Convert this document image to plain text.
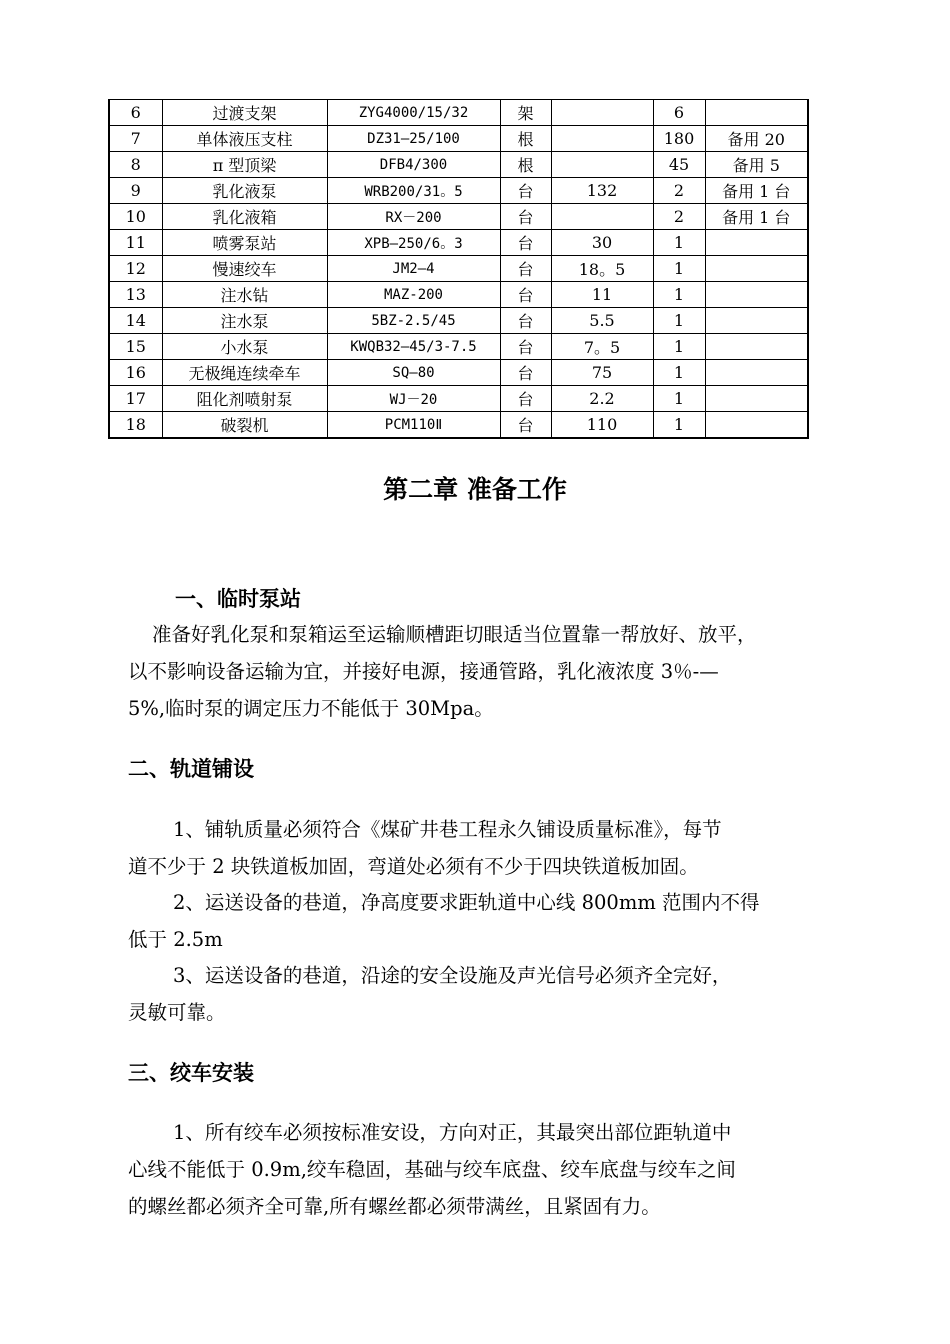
6	过渡支架	ZYG4000/15/32	架		6	
7	单体液压支柱	DZ31—25/100	根		180	备用 20
8	π 型顶梁	DFB4/300	根		45	备用 5
9	乳化液泵	WRB200/31。5	台	132	2	备用 1 台
10	乳化液箱	RX－200	台		2	备用 1 台
11	喷雾泵站	XPB—250/6。3	台	30	1	
12	慢速绞车	JM2—4	台	18。5	1	
13	注水钻	MAZ-200	台	11	1	
14	注水泵	5BZ-2.5/45	台	5.5	1	
15	小水泵	KWQB32—45/3-7.5	台	7。5	1	
16	无极绳连续牵车	SQ—80	台	75	1	
17	阻化剂喷射泵	WJ－20	台	2.2	1	
18	破裂机	PCM110Ⅱ	台	110	1	
第二章 准备工作
一、临时泵站
准备好乳化泵和泵箱运至运输顺槽距切眼适当位置靠一帮放好、放平，
以不影响设备运输为宜，并接好电源，接通管路，乳化液浓度 3％-—
5%,临时泵的调定压力不能低于 30Mpa。
二、轨道铺设
1、铺轨质量必须符合《煤矿井巷工程永久铺设质量标准》，每节
道不少于 2 块铁道板加固，弯道处必须有不少于四块铁道板加固。
2、运送设备的巷道，净高度要求距轨道中心线 800mm 范围内不得
低于 2.5m
3、运送设备的巷道，沿途的安全设施及声光信号必须齐全完好，
灵敏可靠。
三、绞车安装
1、所有绞车必须按标准安设，方向对正，其最突出部位距轨道中
心线不能低于 0.9m,绞车稳固，基础与绞车底盘、绞车底盘与绞车之间
的螺丝都必须齐全可靠,所有螺丝都必须带满丝，且紧固有力。
